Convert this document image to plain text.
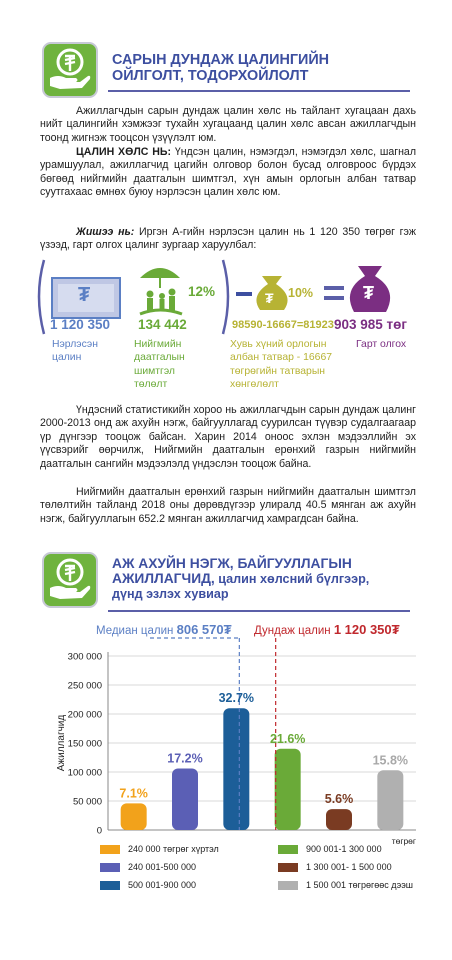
САРЫН ДУНДАЖ ЦАЛИНГИЙН
ОЙЛГОЛТ, ТОДОРХОЙЛОЛТ
Ажиллагчдын сарын дундаж цалин хөлс нь тайлант хугацаан дахь нийт цалингийн хэмжээг тухайн хугацаанд цалин хөлс авсан ажиллагчдын тоонд жигнэж тооцсон үзүүлэлт юм.
ЦАЛИН ХӨЛС НЬ: Үндсэн цалин, нэмэгдэл, нэмэгдэл хөлс, шагнал урамшуулал, ажиллагчид цагийн олговор болон бусад олговроос бүрдэх бөгөөд нийгмийн даатгалын шимтгэл, хүн амын орлогын албан татвар суутгахаас өмнөх буюу нэрлэсэн цалин хөлс юм.
Жишээ нь: Иргэн А-гийн нэрлэсэн цалин нь 1 120 350 төгрөг гэж үзээд, гарт олгох цалинг зургаар харуулбал:
₮	₮	₮
12%	10%
1 120 350 134 442	98590-16667=81923 903 985 төг
Нэрлэсэн
цалин
Нийгмийн
даатгалын
шимтгэл
төлөлт
Хувь хүний орлогын
албан татвар - 16667
төгрөгийн татварын
хөнгөлөлт
Гарт олгох
Үндэсний статистикийн хороо нь ажиллагчдын сарын дундаж цалинг 2000-2013 онд аж ахуйн нэгж, байгууллагад суурилсан түүвэр судалгаагаар үр дүнгээр тооцож байсан. Харин 2014 оноос эхлэн мэдээллийн эх үүсвэрийг өөрчилж, Нийгмийн даатгалын ерөнхий газрын нийгмийн даатгалын сангийн мэдээлэлд үндэслэн тооцож байна.
Нийгмийн даатгалын ерөнхий газрын нийгмийн даатгалын шимтгэл төлөлтийн тайланд 2018 оны дөрөвдүгээр улиралд 40.5 мянган аж ахуйн нэгж, байгууллагын 652.2 мянган ажиллагчид хамрагдсан байна.
АЖ АХУЙН НЭГЖ, БАЙГУУЛЛАГЫН
АЖИЛЛАГЧИД, цалин хөлсний бүлгээр,
дүнд эзлэх хувиар
0
50 000
100 000
150 000
200 000
250 000
300 000
Ажиллагчид
төгрөг
7.1%
17.2%
32.7%
21.6%
5.6%
15.8%
Медиан цалин 806 570₮ Дундаж цалин 1 120 350₮
240 000 төгрөг хүртэл	900 001-1 300 000
240 001-500 000	1 300 001- 1 500 000
500 001-900 000	1 500 001 төгрөгөөс дээш
